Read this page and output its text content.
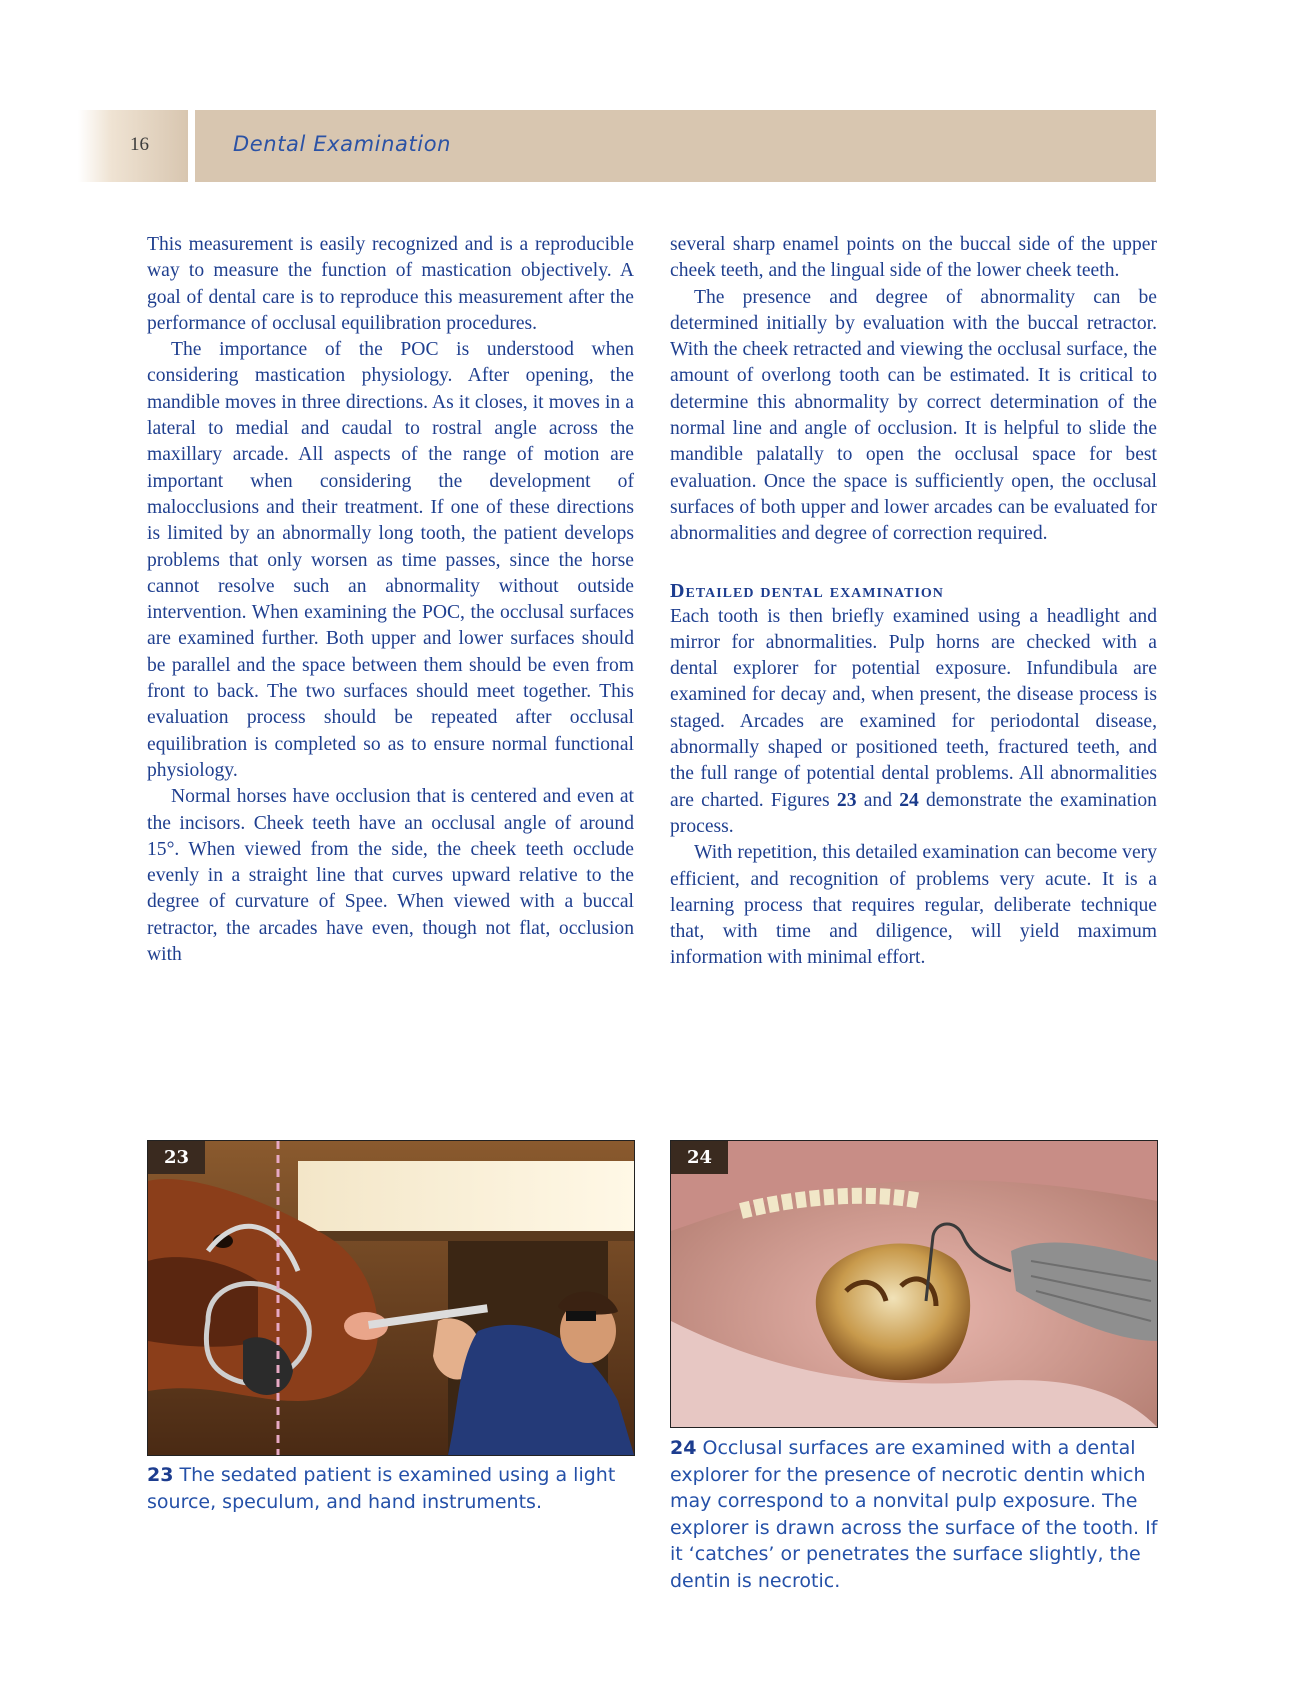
16	Dental Examination

This measurement is easily recognized and is a reproducible way to measure the function of mastication objectively. A goal of dental care is to reproduce this measurement after the performance of occlusal equilibration procedures.

The importance of the POC is understood when considering mastication physiology. After opening, the mandible moves in three directions. As it closes, it moves in a lateral to medial and caudal to rostral angle across the maxillary arcade. All aspects of the range of motion are important when considering the development of malocclusions and their treatment. If one of these directions is limited by an abnormally long tooth, the patient develops problems that only worsen as time passes, since the horse cannot resolve such an abnormality without outside intervention. When examining the POC, the occlusal surfaces are examined further. Both upper and lower surfaces should be parallel and the space between them should be even from front to back. The two surfaces should meet together. This evaluation process should be repeated after occlusal equilibration is completed so as to ensure normal functional physiology.

Normal horses have occlusion that is centered and even at the incisors. Cheek teeth have an occlusal angle of around 15°. When viewed from the side, the cheek teeth occlude evenly in a straight line that curves upward relative to the degree of curvature of Spee. When viewed with a buccal retractor, the arcades have even, though not flat, occlusion with

several sharp enamel points on the buccal side of the upper cheek teeth, and the lingual side of the lower cheek teeth.

The presence and degree of abnormality can be determined initially by evaluation with the buccal retractor. With the cheek retracted and viewing the occlusal surface, the amount of overlong tooth can be estimated. It is critical to determine this abnormality by correct determination of the normal line and angle of occlusion. It is helpful to slide the mandible palatally to open the occlusal space for best evaluation. Once the space is sufficiently open, the occlusal surfaces of both upper and lower arcades can be evaluated for abnormalities and degree of correction required.

Detailed dental examination

Each tooth is then briefly examined using a headlight and mirror for abnormalities. Pulp horns are checked with a dental explorer for potential exposure. Infundibula are examined for decay and, when present, the disease process is staged. Arcades are examined for periodontal disease, abnormally shaped or positioned teeth, fractured teeth, and the full range of potential dental problems. All abnormalities are charted. Figures 23 and 24 demonstrate the examination process.

With repetition, this detailed examination can become very efficient, and recognition of problems very acute. It is a learning process that requires regular, deliberate technique that, with time and diligence, will yield maximum information with minimal effort.

23
23 The sedated patient is examined using a light source, speculum, and hand instruments.
24
24 Occlusal surfaces are examined with a dental explorer for the presence of necrotic dentin which may correspond to a nonvital pulp exposure. The explorer is drawn across the surface of the tooth. If it ‘catches’ or penetrates the surface slightly, the dentin is necrotic.
